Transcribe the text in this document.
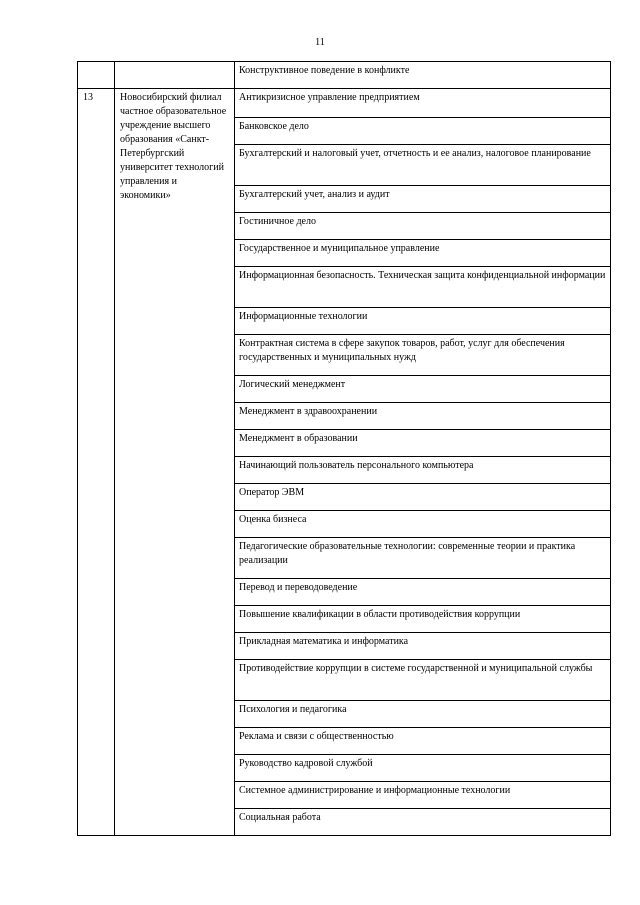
11
		Конструктивное поведение в конфликте
13	Новосибирский филиал частное образовательное учреждение высшего образования «Санкт-Петербургский университет технологий управления и экономики»	Антикризисное управление предприятием
		Банковское дело
		Бухгалтерский и налоговый учет, отчетность и ее анализ, налоговое планирование
		Бухгалтерский учет, анализ и аудит
		Гостиничное дело
		Государственное и муниципальное управление
		Информационная безопасность. Техническая защита конфиденциальной информации
		Информационные технологии
		Контрактная система в сфере закупок товаров, работ, услуг для обеспечения государственных и муниципальных нужд
		Логический менеджмент
		Менеджмент в здравоохранении
		Менеджмент в образовании
		Начинающий пользователь персонального компьютера
		Оператор ЭВМ
		Оценка бизнеса
		Педагогические образовательные технологии: современные теории и практика реализации
		Перевод и переводоведение
		Повышение квалификации в области противодействия коррупции
		Прикладная математика и информатика
		Противодействие коррупции в системе государственной и муниципальной службы
		Психология и педагогика
		Реклама и связи с общественностью
		Руководство кадровой службой
		Системное администрирование и информационные технологии
		Социальная работа
